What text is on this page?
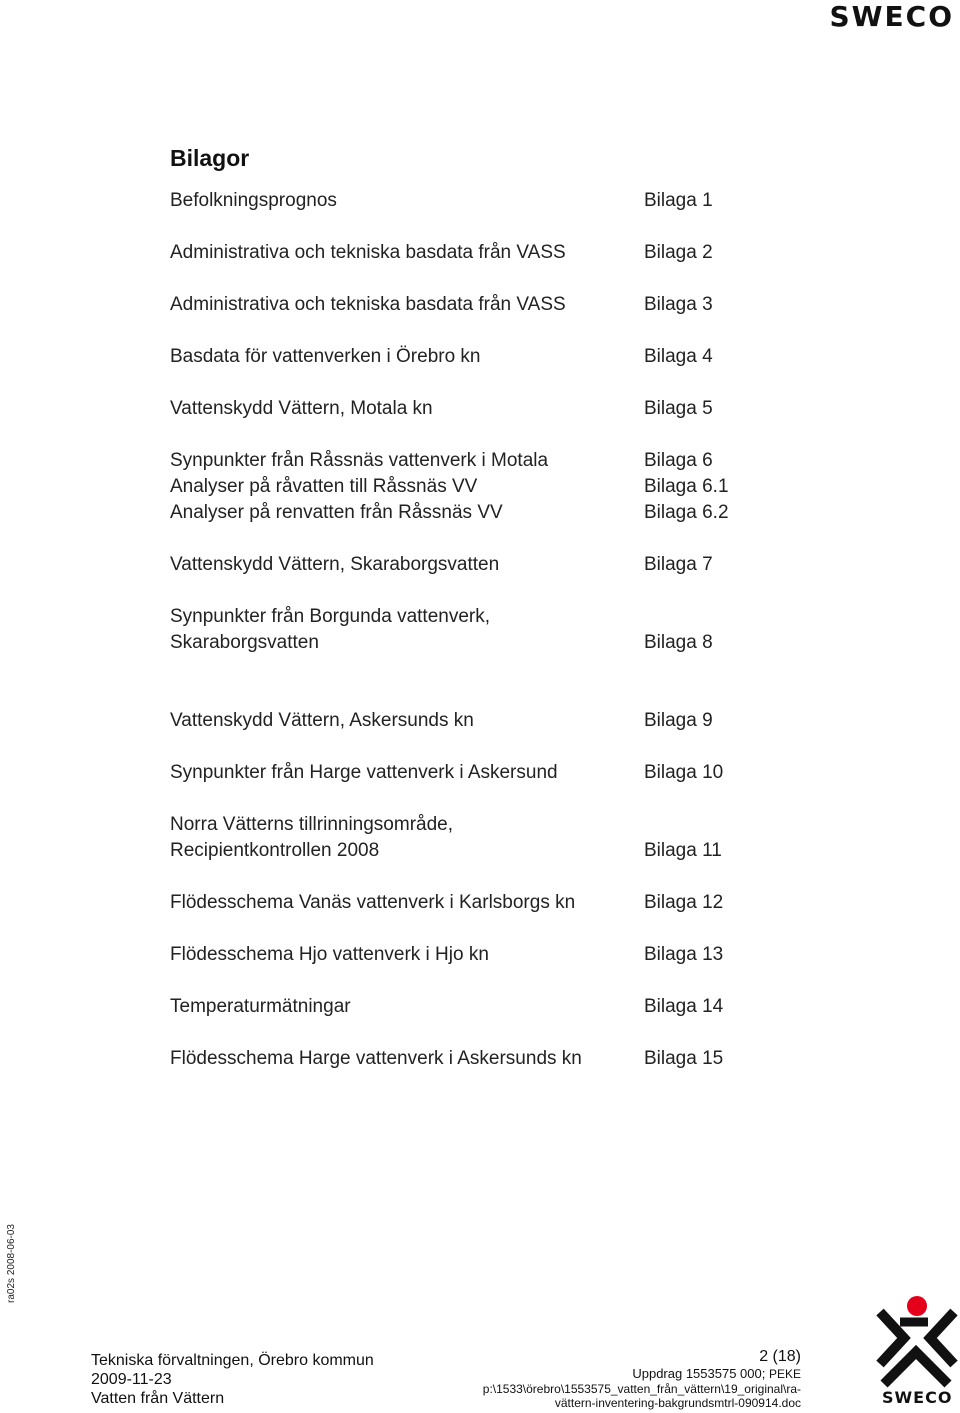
SWECO
Bilagor
Befolkningsprognos	Bilaga 1
Administrativa och tekniska basdata från VASS	Bilaga 2
Administrativa och tekniska basdata från VASS	Bilaga 3
Basdata för vattenverken i Örebro kn	Bilaga 4
Vattenskydd Vättern, Motala kn	Bilaga 5
Synpunkter från Råssnäs vattenverk i Motala	Bilaga 6
Analyser på råvatten till Råssnäs VV	Bilaga 6.1
Analyser på renvatten från Råssnäs VV	Bilaga 6.2
Vattenskydd Vättern, Skaraborgsvatten	Bilaga 7
Synpunkter från Borgunda vattenverk,
Skaraborgsvatten	Bilaga 8
Vattenskydd Vättern, Askersunds kn	Bilaga 9
Synpunkter från Harge vattenverk i Askersund	Bilaga 10
Norra Vätterns tillrinningsområde,
Recipientkontrollen 2008	Bilaga 11
Flödesschema Vanäs vattenverk i Karlsborgs kn	Bilaga 12
Flödesschema Hjo vattenverk i Hjo kn	Bilaga 13
Temperaturmätningar	Bilaga 14
Flödesschema Harge vattenverk i Askersunds kn	Bilaga 15
ra02s 2008-06-03
Tekniska förvaltningen, Örebro kommun
2009-11-23
Vatten från Vättern
2 (18)
Uppdrag 1553575 000; PEKE
p:\1533\örebro\1553575_vatten_från_vättern\19_original\ra-
vättern-inventering-bakgrundsmtrl-090914.doc	SWECO
